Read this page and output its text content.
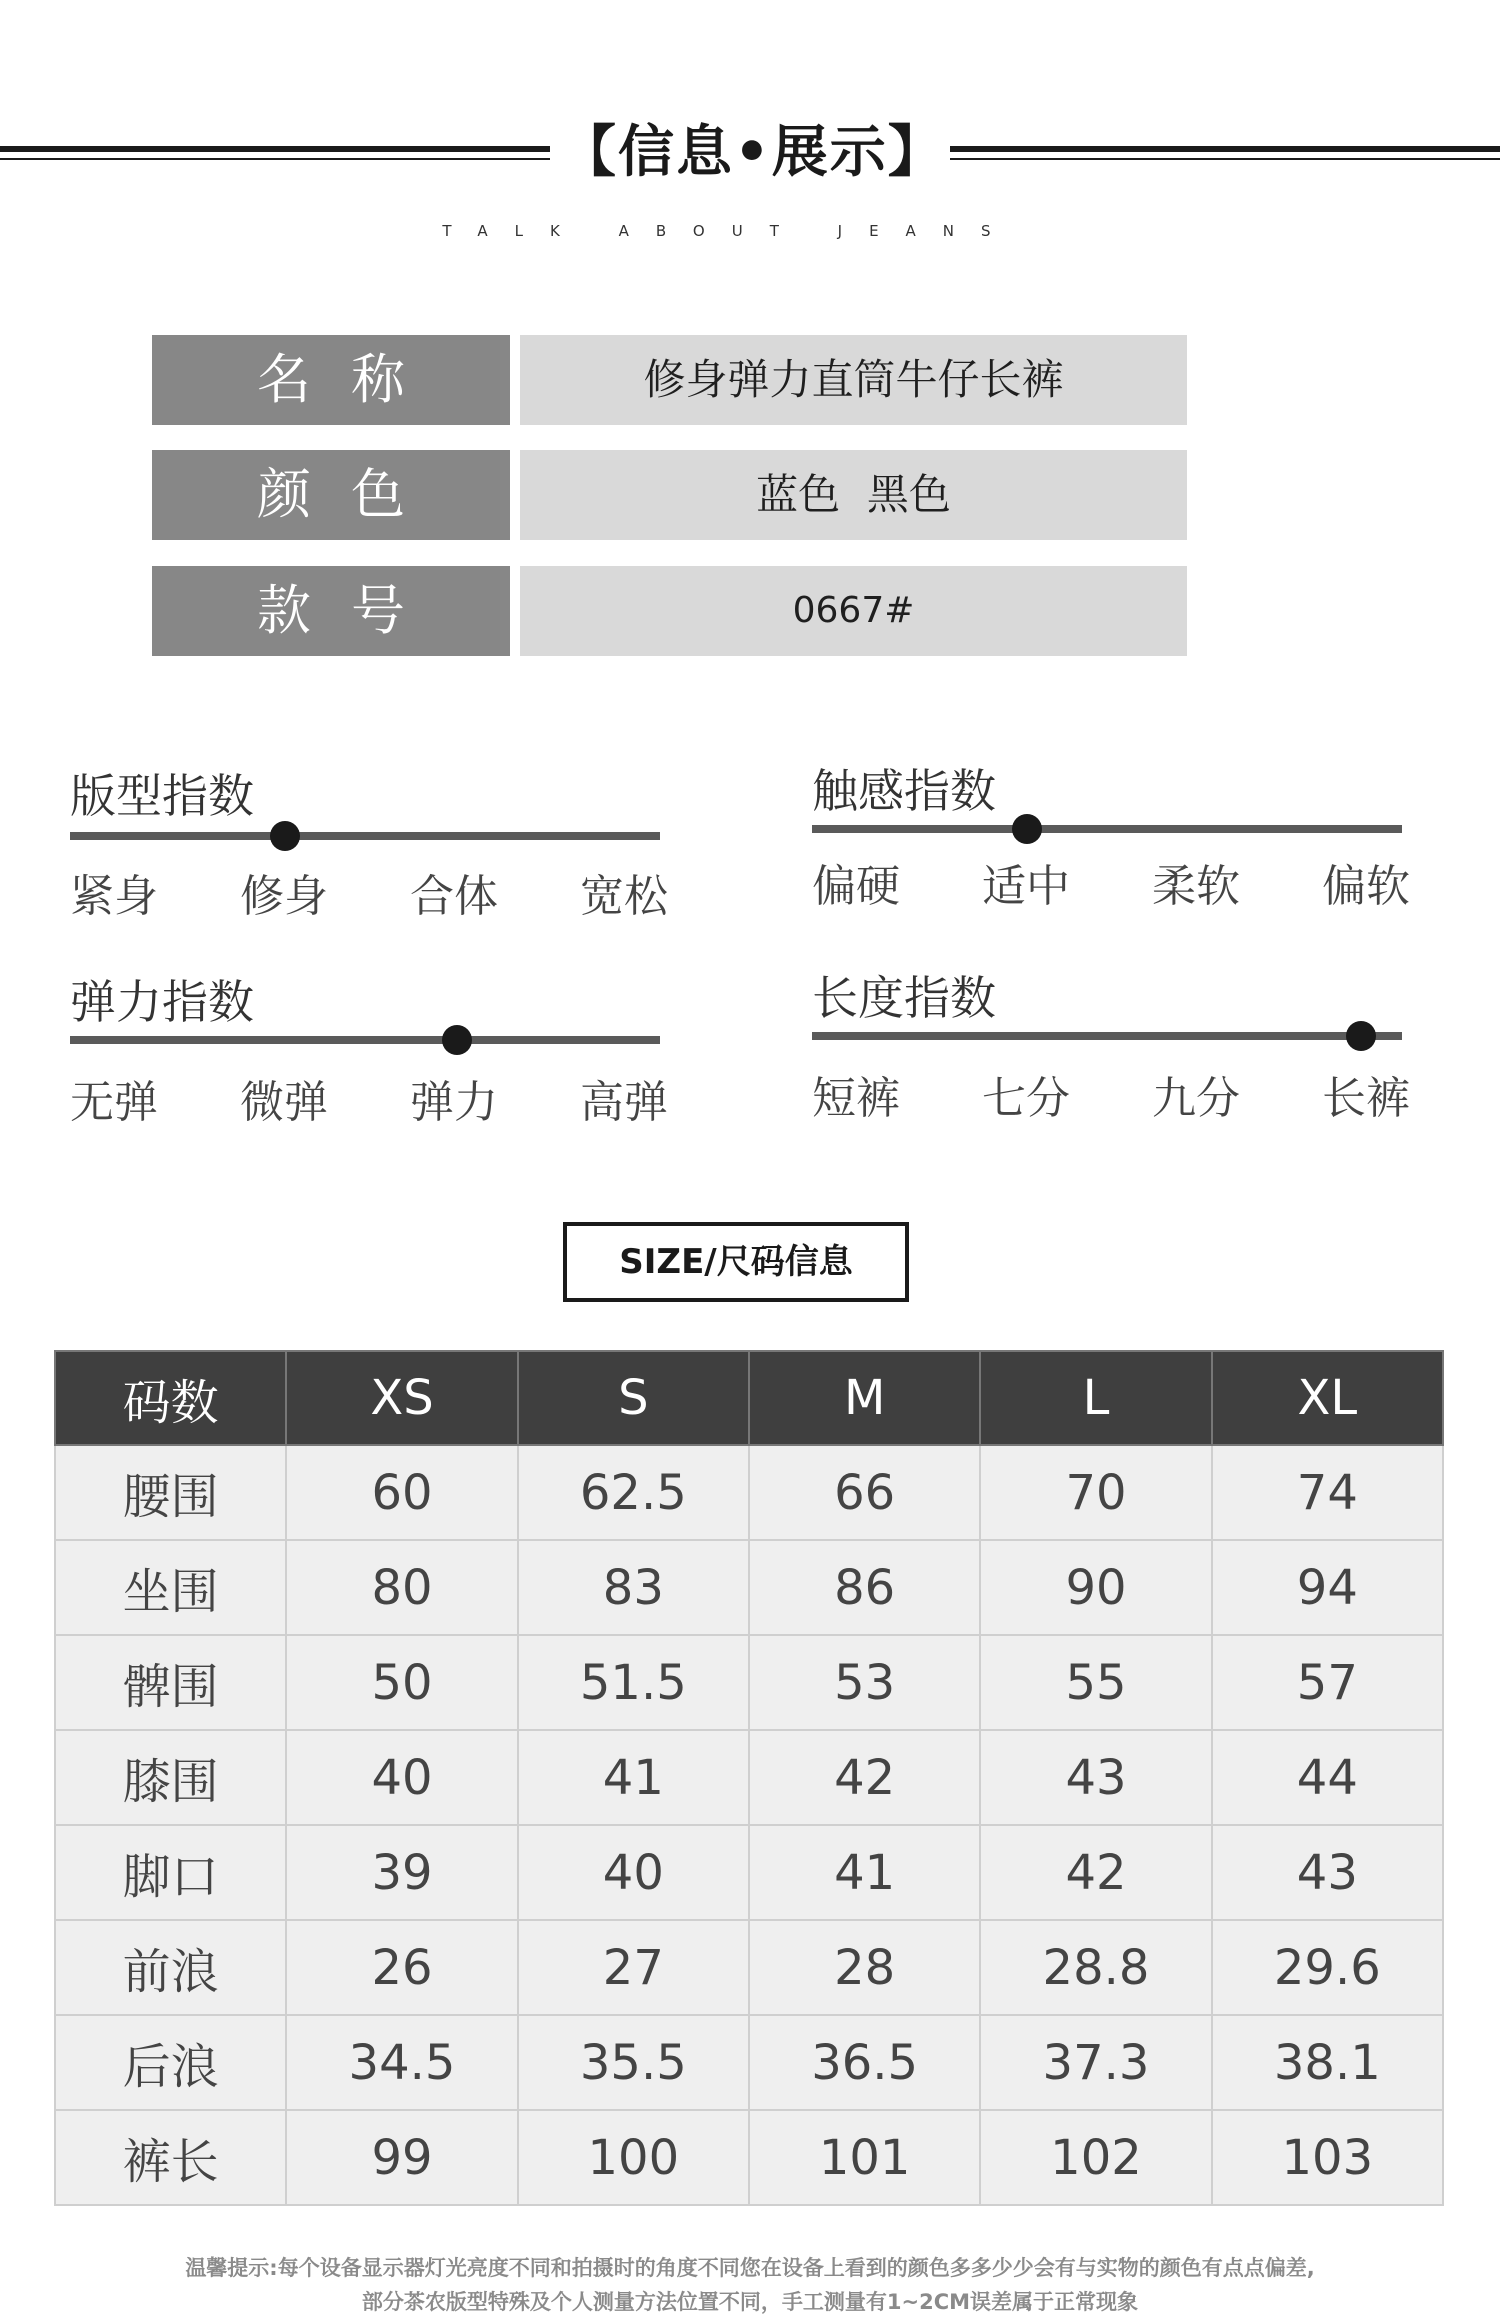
【信息•展示】
TALK ABOUT JEANS
名称	修身弹力直筒牛仔长裤
颜色	蓝色  黑色
款号	0667#
版型指数
紧身 修身 合体 宽松
触感指数
偏硬 适中 柔软 偏软
弹力指数
无弹 微弹 弹力 高弹
长度指数
短裤 七分 九分 长裤
SIZE/尺码信息
码数	XS	S	M	L	XL
腰围	60	62.5	66	70	74
坐围	80	83	86	90	94
髀围	50	51.5	53	55	57
膝围	40	41	42	43	44
脚口	39	40	41	42	43
前浪	26	27	28	28.8	29.6
后浪	34.5	35.5	36.5	37.3	38.1
裤长	99	100	101	102	103
温馨提示:每个设备显示器灯光亮度不同和拍摄时的角度不同您在设备上看到的颜色多多少少会有与实物的颜色有点点偏差,
部分茶农版型特殊及个人测量方法位置不同，手工测量有1~2CM误差属于正常现象
